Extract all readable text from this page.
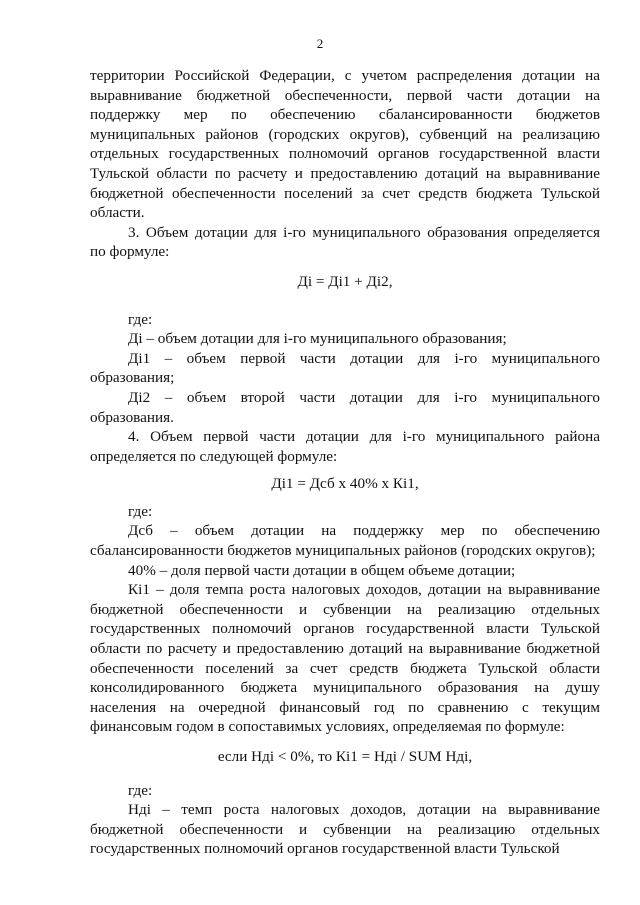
2

территории Российской Федерации, с учетом распределения дотации на выравнивание бюджетной обеспеченности, первой части дотации на поддержку мер по обеспечению сбалансированности бюджетов муниципальных районов (городских округов), субвенций на реализацию отдельных государственных полномочий органов государственной власти Тульской области по расчету и предоставлению дотаций на выравнивание бюджетной обеспеченности поселений за счет средств бюджета Тульской области.

3. Объем дотации для i-го муниципального образования определяется по формуле:

Дi = Дi1 + Дi2,

где:

Дi – объем дотации для i-го муниципального образования;

Дi1 – объем первой части дотации для i-го муниципального образования;

Дi2 – объем второй части дотации для i-го муниципального образования.

4. Объем первой части дотации для i-го муниципального района определяется по следующей формуле:

Дi1 = Дсб х 40% х Кi1,

где:

Дсб – объем дотации на поддержку мер по обеспечению сбалансированности бюджетов муниципальных районов (городских округов);

40% – доля первой части дотации в общем объеме дотации;

Кi1 – доля темпа роста налоговых доходов, дотации на выравнивание бюджетной обеспеченности и субвенции на реализацию отдельных государственных полномочий органов государственной власти Тульской области по расчету и предоставлению дотаций на выравнивание бюджетной обеспеченности поселений за счет средств бюджета Тульской области консолидированного бюджета муниципального образования на душу населения на очередной финансовый год по сравнению с текущим финансовым годом в сопоставимых условиях, определяемая по формуле:

если Ндi < 0%, то Кi1 = Ндi / SUM Ндi,

где:

Ндi – темп роста налоговых доходов, дотации на выравнивание бюджетной обеспеченности и субвенции на реализацию отдельных государственных полномочий органов государственной власти Тульской
